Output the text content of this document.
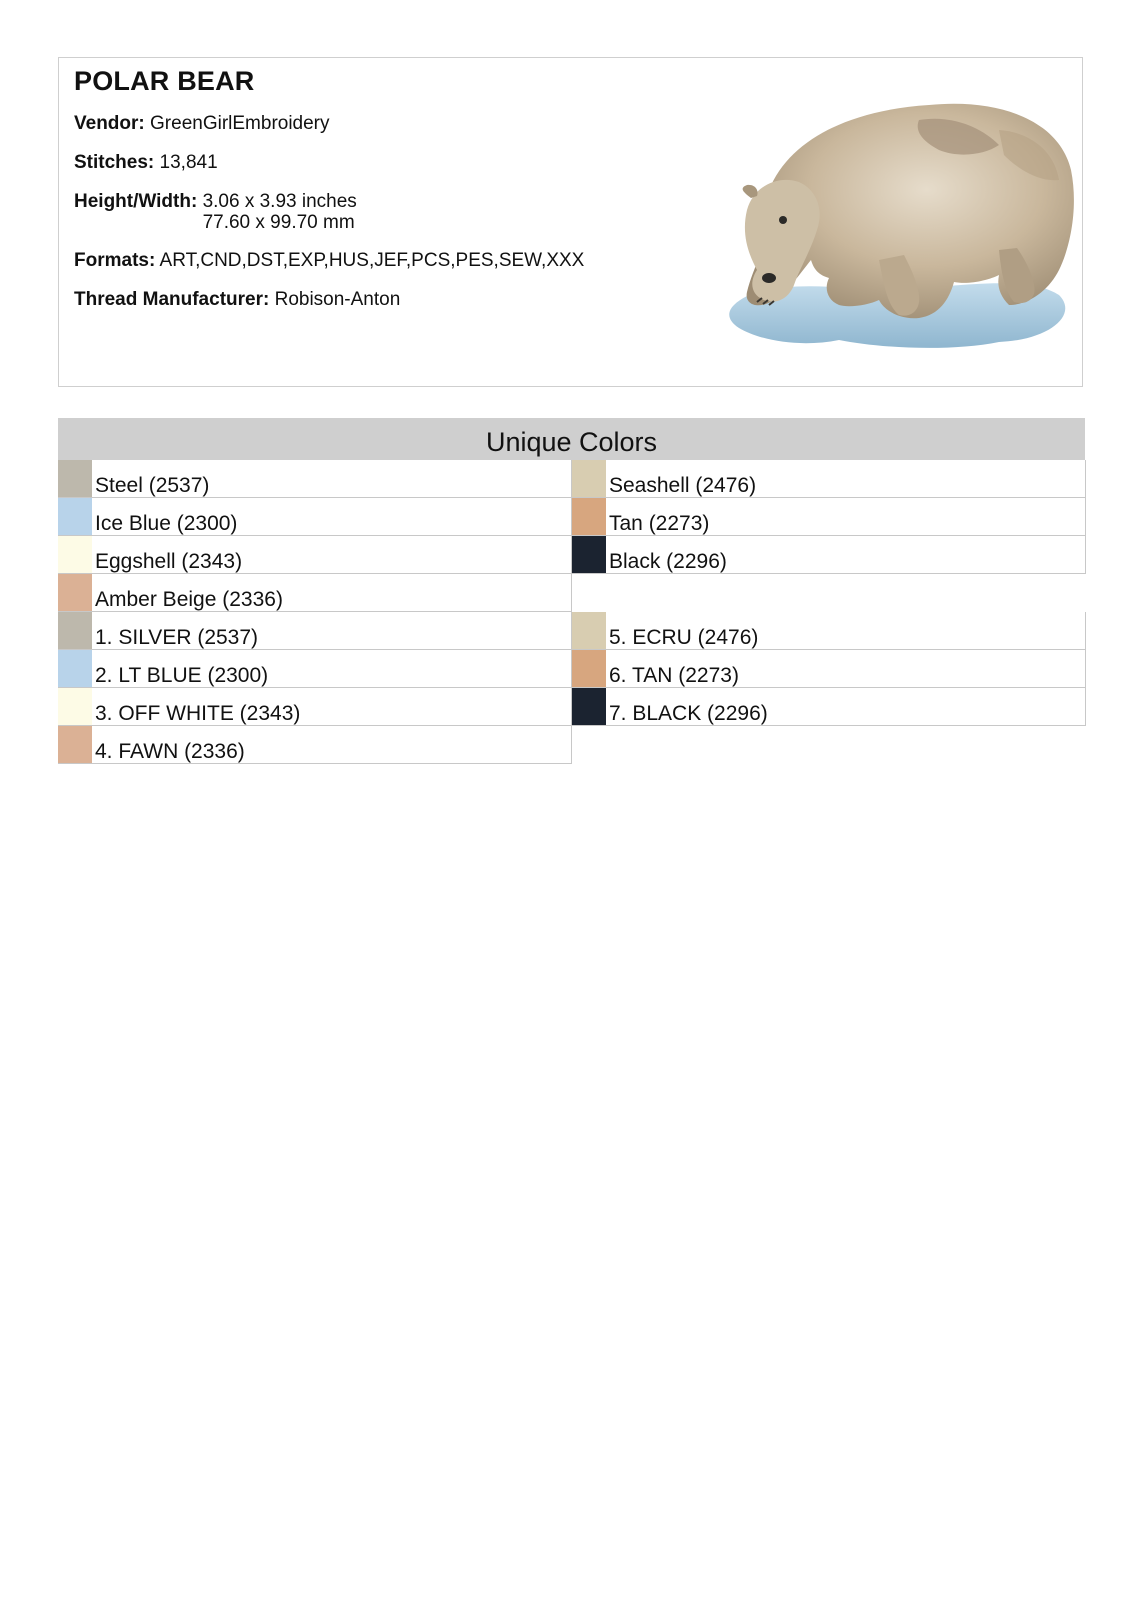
POLAR BEAR
Vendor: GreenGirlEmbroidery
Stitches: 13,841
Height/Width: 3.06 x 3.93 inches
77.60 x 99.70 mm
Formats: ART,CND,DST,EXP,HUS,JEF,PCS,PES,SEW,XXX
Thread Manufacturer: Robison-Anton
Unique Colors
Steel (2537)
Ice Blue (2300)
Eggshell (2343)
Amber Beige (2336)
1. SILVER (2537)
2. LT BLUE (2300)
3. OFF WHITE (2343)
4. FAWN (2336)
Seashell (2476)
Tan (2273)
Black (2296)
5. ECRU (2476)
6. TAN (2273)
7. BLACK (2296)
